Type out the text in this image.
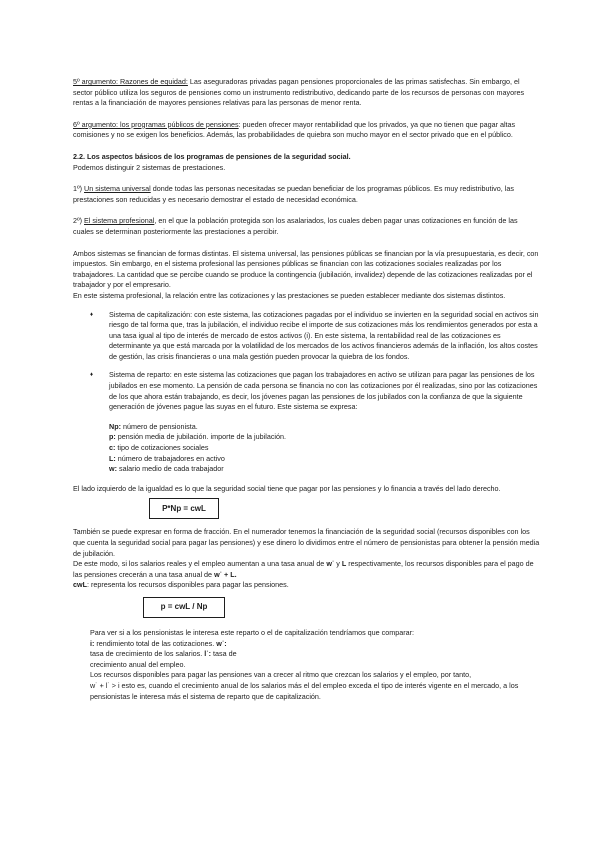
5º argumento: Razones de equidad: Las aseguradoras privadas pagan pensiones proporcionales de las primas satisfechas. Sin embargo, el sector público utiliza los seguros de pensiones como un instrumento redistributivo, dedicando parte de los recursos de personas con mayores rentas a la financiación de mayores pensiones relativas para las personas de menor renta.

6º argumento: los programas públicos de pensiones: pueden ofrecer mayor rentabilidad que los privados, ya que no tienen que pagar altas comisiones y no se exigen los beneficios. Además, las probabilidades de quiebra son mucho mayor en el sector privado que en el público.

2.2. Los aspectos básicos de los programas de pensiones de la seguridad social.

Podemos distinguir 2 sistemas de prestaciones.

1º) Un sistema universal donde todas las personas necesitadas se puedan beneficiar de los programas públicos. Es muy redistributivo, las prestaciones son reducidas y es necesario demostrar el estado de necesidad económica.

2º) El sistema profesional, en el que la población protegida son los asalariados, los cuales deben pagar unas cotizaciones en función de las cuales se determinan posteriormente las prestaciones a percibir.

Ambos sistemas se financian de formas distintas. El sistema universal, las pensiones públicas se financian por la vía presupuestaria, es decir, con impuestos. Sin embargo, en el sistema profesional las pensiones públicas se financian con las cotizaciones sociales realizadas por los trabajadores. La cantidad que se percibe cuando se produce la contingencia (jubilación, invalidez) depende de las cotizaciones realizadas por el trabajador y por el empresario.

En este sistema profesional, la relación entre las cotizaciones y las prestaciones se pueden establecer mediante dos sistemas distintos.

♦ Sistema de capitalización: con este sistema, las cotizaciones pagadas por el individuo se invierten en la seguridad social en activos sin riesgo de tal forma que, tras la jubilación, el individuo recibe el importe de sus cotizaciones más los rendimientos generados por esta a una tasa igual al tipo de interés de mercado de estos activos (i). En este sistema, la rentabilidad real de las cotizaciones es determinante ya que está marcada por la volatilidad de los mercados de los activos financieros además de la inflación, los altos costes de gestión, las crisis financieras o una mala gestión pueden provocar la quiebra de los fondos.
♦ Sistema de reparto: en este sistema las cotizaciones que pagan los trabajadores en activo se utilizan para pagar las pensiones de los jubilados en ese momento. La pensión de cada persona se financia no con las cotizaciones por él realizadas, sino por las cotizaciones de los que ahora están trabajando, es decir, los jóvenes pagan las pensiones de los jubilados con la confianza de que la siguiente generación de jóvenes pague las suyas en el futuro. Este sistema se expresa:

Np: número de pensionista.

p: pensión media de jubilación. importe de la jubilación.

c: tipo de cotizaciones sociales

L: número de trabajadores en activo

w: salario medio de cada trabajador

El lado izquierdo de la igualdad es lo que la seguridad social tiene que pagar por las pensiones y lo financia a través del lado derecho.

P*Np = cwL

También se puede expresar en forma de fracción. En el numerador tenemos la financiación de la seguridad social (recursos disponibles con los que cuenta la seguridad social para pagar las pensiones) y ese dinero lo dividimos entre el número de pensionistas para obtener la pensión media de jubilación.

De este modo, si los salarios reales y el empleo aumentan a una tasa anual de w˙ y L respectivamente, los recursos disponibles para el pago de las pensiones crecerán a una tasa anual de w˙ + L.

cwL: representa los recursos disponibles para pagar las pensiones.

p = cwL / Np

Para ver si a los pensionistas le interesa este reparto o el de capitalización tendríamos que comparar:

i: rendimiento total de las cotizaciones. w˙:

tasa de crecimiento de los salarios. l˙: tasa de

crecimiento anual del empleo.

Los recursos disponibles para pagar las pensiones van a crecer al ritmo que crezcan los salarios y el empleo, por tanto,
w˙ + l˙ > i esto es, cuando el crecimiento anual de los salarios más el del empleo exceda el tipo de interés vigente en el mercado, a los pensionistas le interesa más el sistema de reparto que de capitalización.
